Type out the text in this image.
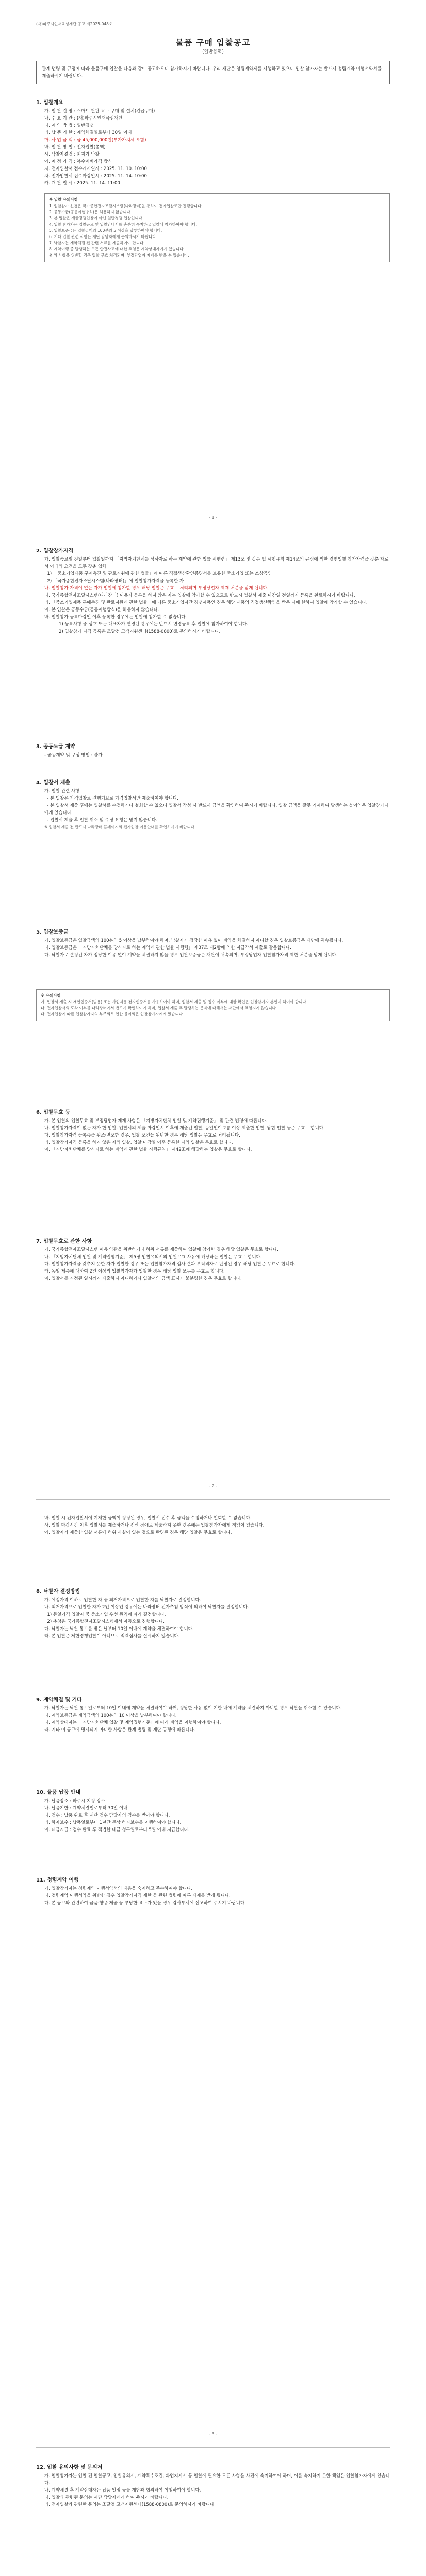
(재)파주시인재육성재단 공고 제2025-048호
물품 구매 입찰공고
(일반용역)
관계 법령 및 규정에 따라 물품구매 입찰을 다음과 같이 공고하오니 참가하시기 바랍니다. 우리 재단은 청렴계약제를 시행하고 있으니 입찰 참가자는 반드시 청렴계약 이행서약서를 제출하시기 바랍니다.
1. 입찰개요
가. 입 찰 건 명 : 스마트 칠판 교구 구매 및 설치(긴급구매)
나. 수 요 기 관 : (재)파주시인재육성재단
다. 계 약 방 법 : 일반경쟁
라. 납 품 기 한 : 계약체결일로부터 30일 이내
마. 사 업 금 액 : 금 45,000,000원(부가가치세 포함)
바. 입 찰 방 법 : 전자입찰(총액)
사. 낙찰자결정 : 최저가 낙찰
아. 예 정 가 격 : 복수예비가격 방식
자. 전자입찰서 접수개시일시 : 2025. 11. 10. 10:00
차. 전자입찰서 접수마감일시 : 2025. 11. 14. 10:00
카. 개 찰 일 시 : 2025. 11. 14. 11:00
※ 입찰 유의사항
1. 입찰참가 신청은 국가종합전자조달시스템(나라장터)을 통하여 전자입찰로만 진행합니다.
2. 공동수급(공동이행방식)은 허용하지 않습니다.
3. 본 입찰은 제한경쟁입찰이 아닌 일반경쟁 입찰입니다.
4. 입찰 참가자는 입찰공고 및 입찰안내서를 충분히 숙지하고 입찰에 참가하여야 합니다.
5. 입찰보증금은 입찰금액의 100분의 5 이상을 납부하여야 합니다.
6. 기타 입찰 관련 사항은 재단 담당자에게 문의하시기 바랍니다.
7. 낙찰자는 계약체결 전 관련 서류를 제출하여야 합니다.
8. 계약이행 중 발생하는 모든 안전사고에 대한 책임은 계약상대자에게 있습니다.
※ 위 사항을 위반할 경우 입찰 무효 처리되며, 부정당업자 제재를 받을 수 있습니다.
- 1 -
2. 입찰참가자격
가. 입찰공고일 전일부터 입찰일까지 「지방자치단체를 당사자로 하는 계약에 관한 법률 시행령」 제13조 및 같은 법 시행규칙 제14조의 규정에 의한 경쟁입찰 참가자격을 갖춘 자로서 아래의 요건을 모두 갖춘 업체
1) 「중소기업제품 구매촉진 및 판로지원에 관한 법률」에 따른 직접생산확인증명서를 보유한 중소기업 또는 소상공인
2) 「국가종합전자조달시스템(나라장터)」에 입찰참가자격을 등록한 자
나. 입찰참가 자격이 없는 자가 입찰에 참가할 경우 해당 입찰은 무효로 처리되며 부정당업자 제재 처분을 받게 됩니다.
다. 국가종합전자조달시스템(나라장터) 이용자 등록을 하지 않은 자는 입찰에 참가할 수 없으므로 반드시 입찰서 제출 마감일 전일까지 등록을 완료하시기 바랍니다.
라. 「중소기업제품 구매촉진 및 판로지원에 관한 법률」에 따른 중소기업자간 경쟁제품인 경우 해당 제품의 직접생산확인을 받은 자에 한하여 입찰에 참가할 수 있습니다.
마. 본 입찰은 공동수급(공동이행방식)을 허용하지 않습니다.
바. 입찰참가 등록마감일 이후 등록한 경우에는 입찰에 참가할 수 없습니다.
1) 등록사항 중 상호 또는 대표자가 변경된 경우에는 반드시 변경등록 후 입찰에 참가하여야 합니다.
2) 입찰참가 자격 등록은 조달청 고객지원센터(1588-0800)로 문의하시기 바랍니다.
3. 공동도급 계약
- 공동계약 및 구성 방법 : 불가
4. 입찰서 제출
가. 입찰 관련 사항
- 본 입찰은 가격입찰로 진행되므로 가격입찰서만 제출하여야 합니다.
- 본 입찰서 제출 후에는 입찰서를 수정하거나 철회할 수 없으니 입찰서 작성 시 반드시 금액을 확인하여 주시기 바랍니다. 입찰 금액을 잘못 기재하여 발생하는 불이익은 입찰참가자에게 있습니다.
- 입찰서 제출 후 입찰 취소 및 수정 요청은 받지 않습니다.
※ 입찰서 제출 전 반드시 나라장터 홈페이지의 전자입찰 이용안내를 확인하시기 바랍니다.
5. 입찰보증금
가. 입찰보증금은 입찰금액의 100분의 5 이상을 납부하여야 하며, 낙찰자가 정당한 이유 없이 계약을 체결하지 아니할 경우 입찰보증금은 재단에 귀속됩니다.
나. 입찰보증금은 「지방자치단체를 당사자로 하는 계약에 관한 법률 시행령」 제37조 제2항에 의한 지급각서 제출로 갈음합니다.
다. 낙찰자로 결정된 자가 정당한 이유 없이 계약을 체결하지 않을 경우 입찰보증금은 재단에 귀속되며, 부정당업자 입찰참가자격 제한 처분을 받게 됩니다.
※ 유의사항
가. 입찰서 제출 시 개인인증서(범용) 또는 사업자용 전자인증서를 사용하여야 하며, 입찰서 제출 및 접수 여부에 대한 확인은 입찰참가자 본인이 하여야 합니다.
나. 전자입찰서의 도착 여부를 나라장터에서 반드시 확인하여야 하며, 입찰서 제출 후 발생하는 문제에 대해서는 재단에서 책임지지 않습니다.
다. 전자입찰에 따른 입찰참가자의 부주의로 인한 불이익은 입찰참가자에게 있습니다.
6. 입찰무효 등
가. 본 입찰의 입찰무효 및 부정당업자 제재 사항은 「지방자치단체 입찰 및 계약집행기준」 및 관련 법령에 따릅니다.
나. 입찰참가자격이 없는 자가 한 입찰, 입찰서의 제출 마감일시 이후에 제출된 입찰, 동일인이 2통 이상 제출한 입찰, 담합 입찰 등은 무효로 합니다.
다. 입찰참가자격 등록증을 위조·변조한 경우, 입찰 조건을 위반한 경우 해당 입찰은 무효로 처리됩니다.
라. 입찰참가자격 등록을 하지 않은 자의 입찰, 입찰 마감일 이후 등록한 자의 입찰은 무효로 합니다.
마. 「지방자치단체를 당사자로 하는 계약에 관한 법률 시행규칙」 제42조에 해당하는 입찰은 무효로 합니다.
7. 입찰무효로 관한 사항
가. 국가종합전자조달시스템 이용 약관을 위반하거나 허위 서류를 제출하여 입찰에 참가한 경우 해당 입찰은 무효로 합니다.
나. 「지방자치단체 입찰 및 계약집행기준」 제5장 입찰유의서의 입찰무효 사유에 해당하는 입찰은 무효로 합니다.
다. 입찰참가자격을 갖추지 못한 자가 입찰한 경우 또는 입찰참가자격 심사 결과 부적격자로 판정된 경우 해당 입찰은 무효로 합니다.
라. 동일 제품에 대하여 2인 이상의 입찰참가자가 입찰한 경우 해당 입찰 모두를 무효로 합니다.
마. 입찰서를 지정된 일시까지 제출하지 아니하거나 입찰서의 금액 표시가 불분명한 경우 무효로 합니다.
- 2 -
바. 입찰 시 전자입찰서에 기재한 금액이 정정된 경우, 입찰서 접수 후 금액을 수정하거나 철회할 수 없습니다.
사. 입찰 마감시간 이후 입찰서를 제출하거나 전산 장애로 제출하지 못한 경우에는 입찰참가자에게 책임이 있습니다.
아. 입찰자가 제출한 입찰 서류에 허위 사실이 있는 것으로 판명된 경우 해당 입찰은 무효로 합니다.
8. 낙찰자 결정방법
가. 예정가격 이하로 입찰한 자 중 최저가격으로 입찰한 자를 낙찰자로 결정합니다.
나. 최저가격으로 입찰한 자가 2인 이상인 경우에는 나라장터 전자추첨 방식에 의하여 낙찰자를 결정합니다.
1) 동일가격 입찰자 중 중소기업 우선 원칙에 따라 결정합니다.
2) 추첨은 국가종합전자조달시스템에서 자동으로 진행합니다.
다. 낙찰자는 낙찰 통보를 받은 날부터 10일 이내에 계약을 체결하여야 합니다.
라. 본 입찰은 제한경쟁입찰이 아니므로 적격심사를 실시하지 않습니다.
9. 계약체결 및 기타
가. 낙찰자는 낙찰 통보일로부터 10일 이내에 계약을 체결하여야 하며, 정당한 사유 없이 기한 내에 계약을 체결하지 아니할 경우 낙찰을 취소할 수 있습니다.
나. 계약보증금은 계약금액의 100분의 10 이상을 납부하여야 합니다.
다. 계약상대자는 「지방자치단체 입찰 및 계약집행기준」에 따라 계약을 이행하여야 합니다.
라. 기타 이 공고에 명시되지 아니한 사항은 관계 법령 및 재단 규정에 따릅니다.
10. 물품 납품 안내
가. 납품장소 : 파주시 지정 장소
나. 납품기한 : 계약체결일로부터 30일 이내
다. 검수 : 납품 완료 후 재단 검수 담당자의 검수를 받아야 합니다.
라. 하자보수 : 납품일로부터 1년간 무상 하자보수를 이행하여야 합니다.
마. 대금지급 : 검수 완료 후 적법한 대금 청구일로부터 5일 이내 지급합니다.
11. 청렴계약 이행
가. 입찰참가자는 청렴계약 이행서약서의 내용을 숙지하고 준수하여야 합니다.
나. 청렴계약 이행서약을 위반한 경우 입찰참가자격 제한 등 관련 법령에 따른 제재를 받게 됩니다.
다. 본 공고와 관련하여 금품·향응 제공 등 부당한 요구가 있을 경우 감사부서에 신고하여 주시기 바랍니다.
- 3 -
12. 입찰 유의사항 및 문의처
가. 입찰참가자는 입찰 전 입찰공고, 입찰유의서, 계약특수조건, 과업지시서 등 입찰에 필요한 모든 사항을 사전에 숙지하여야 하며, 이를 숙지하지 못한 책임은 입찰참가자에게 있습니다.
나. 계약체결 후 계약상대자는 납품 일정 등을 재단과 협의하여 이행하여야 합니다.
다. 입찰과 관련된 문의는 재단 담당자에게 하여 주시기 바랍니다.
라. 전자입찰과 관련한 문의는 조달청 고객지원센터(1588-0800)로 문의하시기 바랍니다.
